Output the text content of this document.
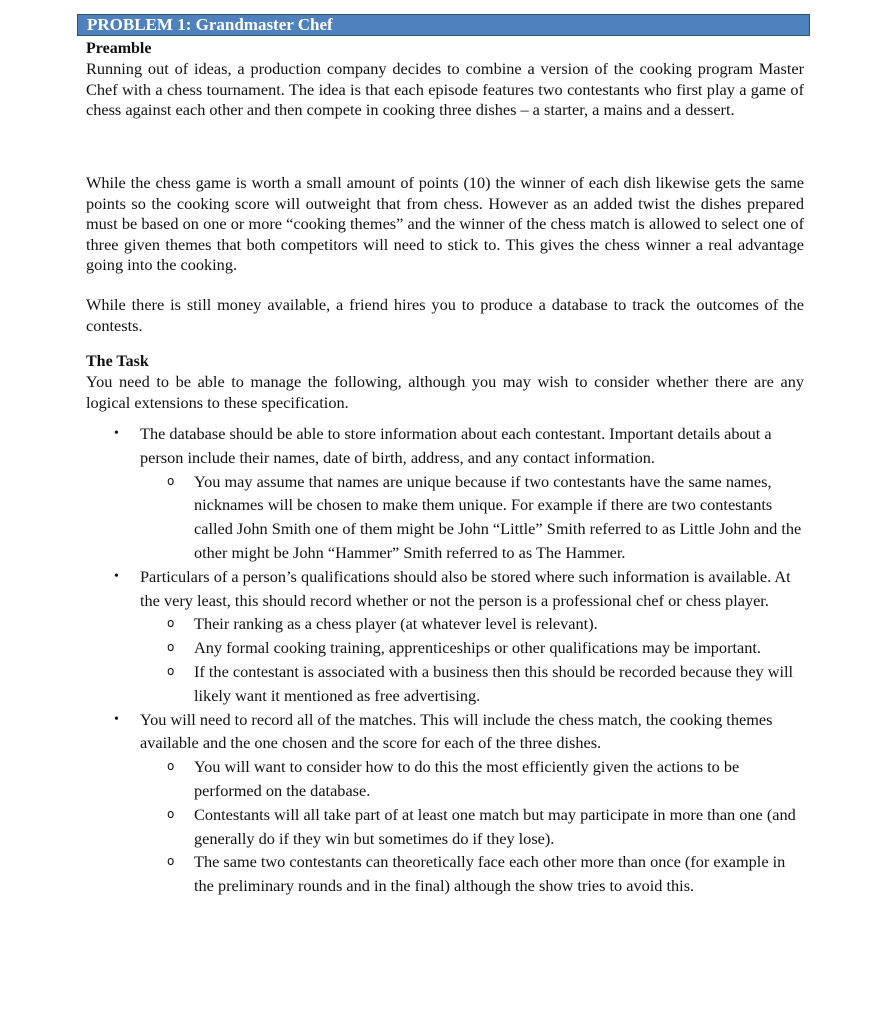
PROBLEM 1: Grandmaster Chef
Preamble

Running out of ideas, a production company decides to combine a version of the cooking program Master Chef with a chess tournament. The idea is that each episode features two contestants who first play a game of chess against each other and then compete in cooking three dishes – a starter, a mains and a dessert.

While the chess game is worth a small amount of points (10) the winner of each dish likewise gets the same points so the cooking score will outweight that from chess. However as an added twist the dishes prepared must be based on one or more “cooking themes” and the winner of the chess match is allowed to select one of three given themes that both competitors will need to stick to. This gives the chess winner a real advantage going into the cooking.

While there is still money available, a friend hires you to produce a database to track the outcomes of the contests.

The Task

You need to be able to manage the following, although you may wish to consider whether there are any logical extensions to these specification.

• The database should be able to store information about each contestant. Important details about a person include their names, date of birth, address, and any contact information.
o You may assume that names are unique because if two contestants have the same names, nicknames will be chosen to make them unique. For example if there are two contestants called John Smith one of them might be John “Little” Smith referred to as Little John and the other might be John “Hammer” Smith referred to as The Hammer.
• Particulars of a person’s qualifications should also be stored where such information is available. At the very least, this should record whether or not the person is a professional chef or chess player.
o Their ranking as a chess player (at whatever level is relevant).
o Any formal cooking training, apprenticeships or other qualifications may be important.
o If the contestant is associated with a business then this should be recorded because they will likely want it mentioned as free advertising.
• You will need to record all of the matches. This will include the chess match, the cooking themes available and the one chosen and the score for each of the three dishes.
o You will want to consider how to do this the most efficiently given the actions to be performed on the database.
o Contestants will all take part of at least one match but may participate in more than one (and generally do if they win but sometimes do if they lose).
o The same two contestants can theoretically face each other more than once (for example in the preliminary rounds and in the final) although the show tries to avoid this.
